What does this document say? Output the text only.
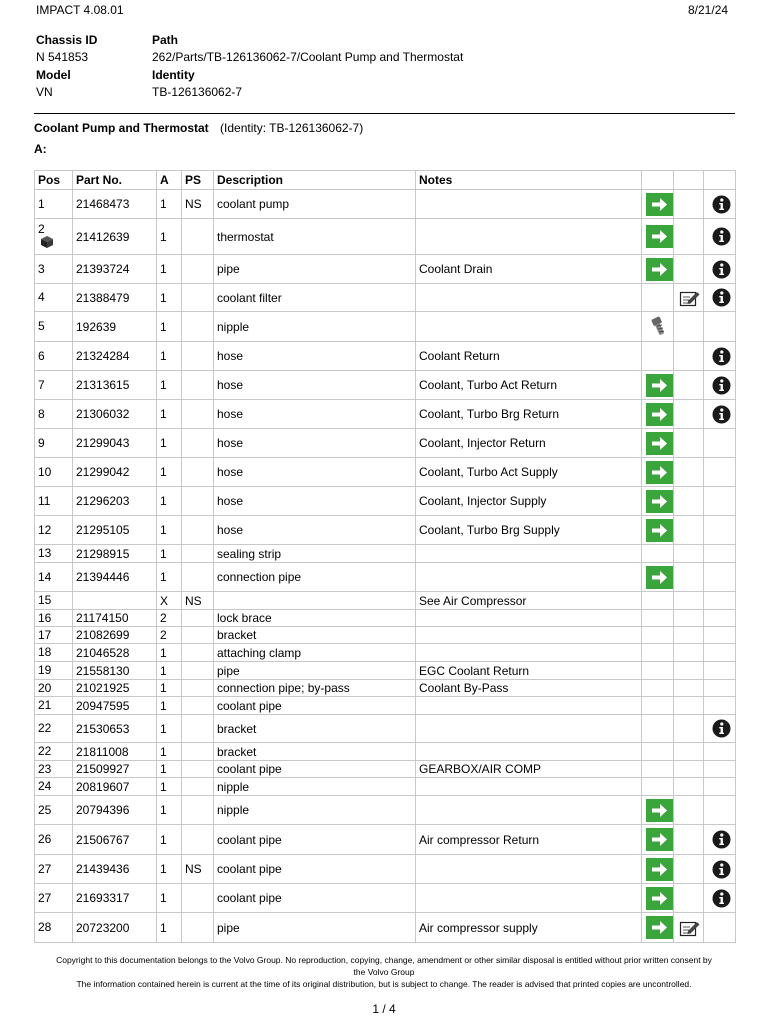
IMPACT 4.08.01	8/21/24
Chassis ID
N 541853
Model
VN
Path
262/Parts/TB-126136062-7/Coolant Pump and Thermostat
Identity
TB-126136062-7
Coolant Pump and Thermostat (Identity: TB-126136062-7)
A:
Pos	Part No.	A	PS	Description	Notes			
1	21468473	1	NS	coolant pump		

2	21412639	1		thermostat		

3	21393724	1		pipe	Coolant Drain	

4	21388479	1		coolant filter				

5	192639	1		nipple				
6	21324284	1		hose	Coolant Return			

7	21313615	1		hose	Coolant, Turbo Act Return	

8	21306032	1		hose	Coolant, Turbo Brg Return	

9	21299043	1		hose	Coolant, Injector Return	

10	21299042	1		hose	Coolant, Turbo Act Supply	

11	21296203	1		hose	Coolant, Injector Supply	

12	21295105	1		hose	Coolant, Turbo Brg Supply	

13	21298915	1		sealing strip				
14	21394446	1		connection pipe		

15		X	NS		See Air Compressor			
16	21174150	2		lock brace				
17	21082699	2		bracket				
18	21046528	1		attaching clamp				
19	21558130	1		pipe	EGC Coolant Return			
20	21021925	1		connection pipe; by-pass	Coolant By-Pass			
21	20947595	1		coolant pipe				
22	21530653	1		bracket				

22	21811008	1		bracket				
23	21509927	1		coolant pipe	GEARBOX/AIR COMP			
24	20819607	1		nipple				
25	20794396	1		nipple		

26	21506767	1		coolant pipe	Air compressor Return	

27	21439436	1	NS	coolant pipe		

27	21693317	1		coolant pipe		

28	20723200	1		pipe	Air compressor supply	

Copyright to this documentation belongs to the Volvo Group. No reproduction, copying, change, amendment or other similar disposal is entitled without prior written consent by
the Volvo Group
The information contained herein is current at the time of its original distribution, but is subject to change. The reader is advised that printed copies are uncontrolled.
1 / 4
